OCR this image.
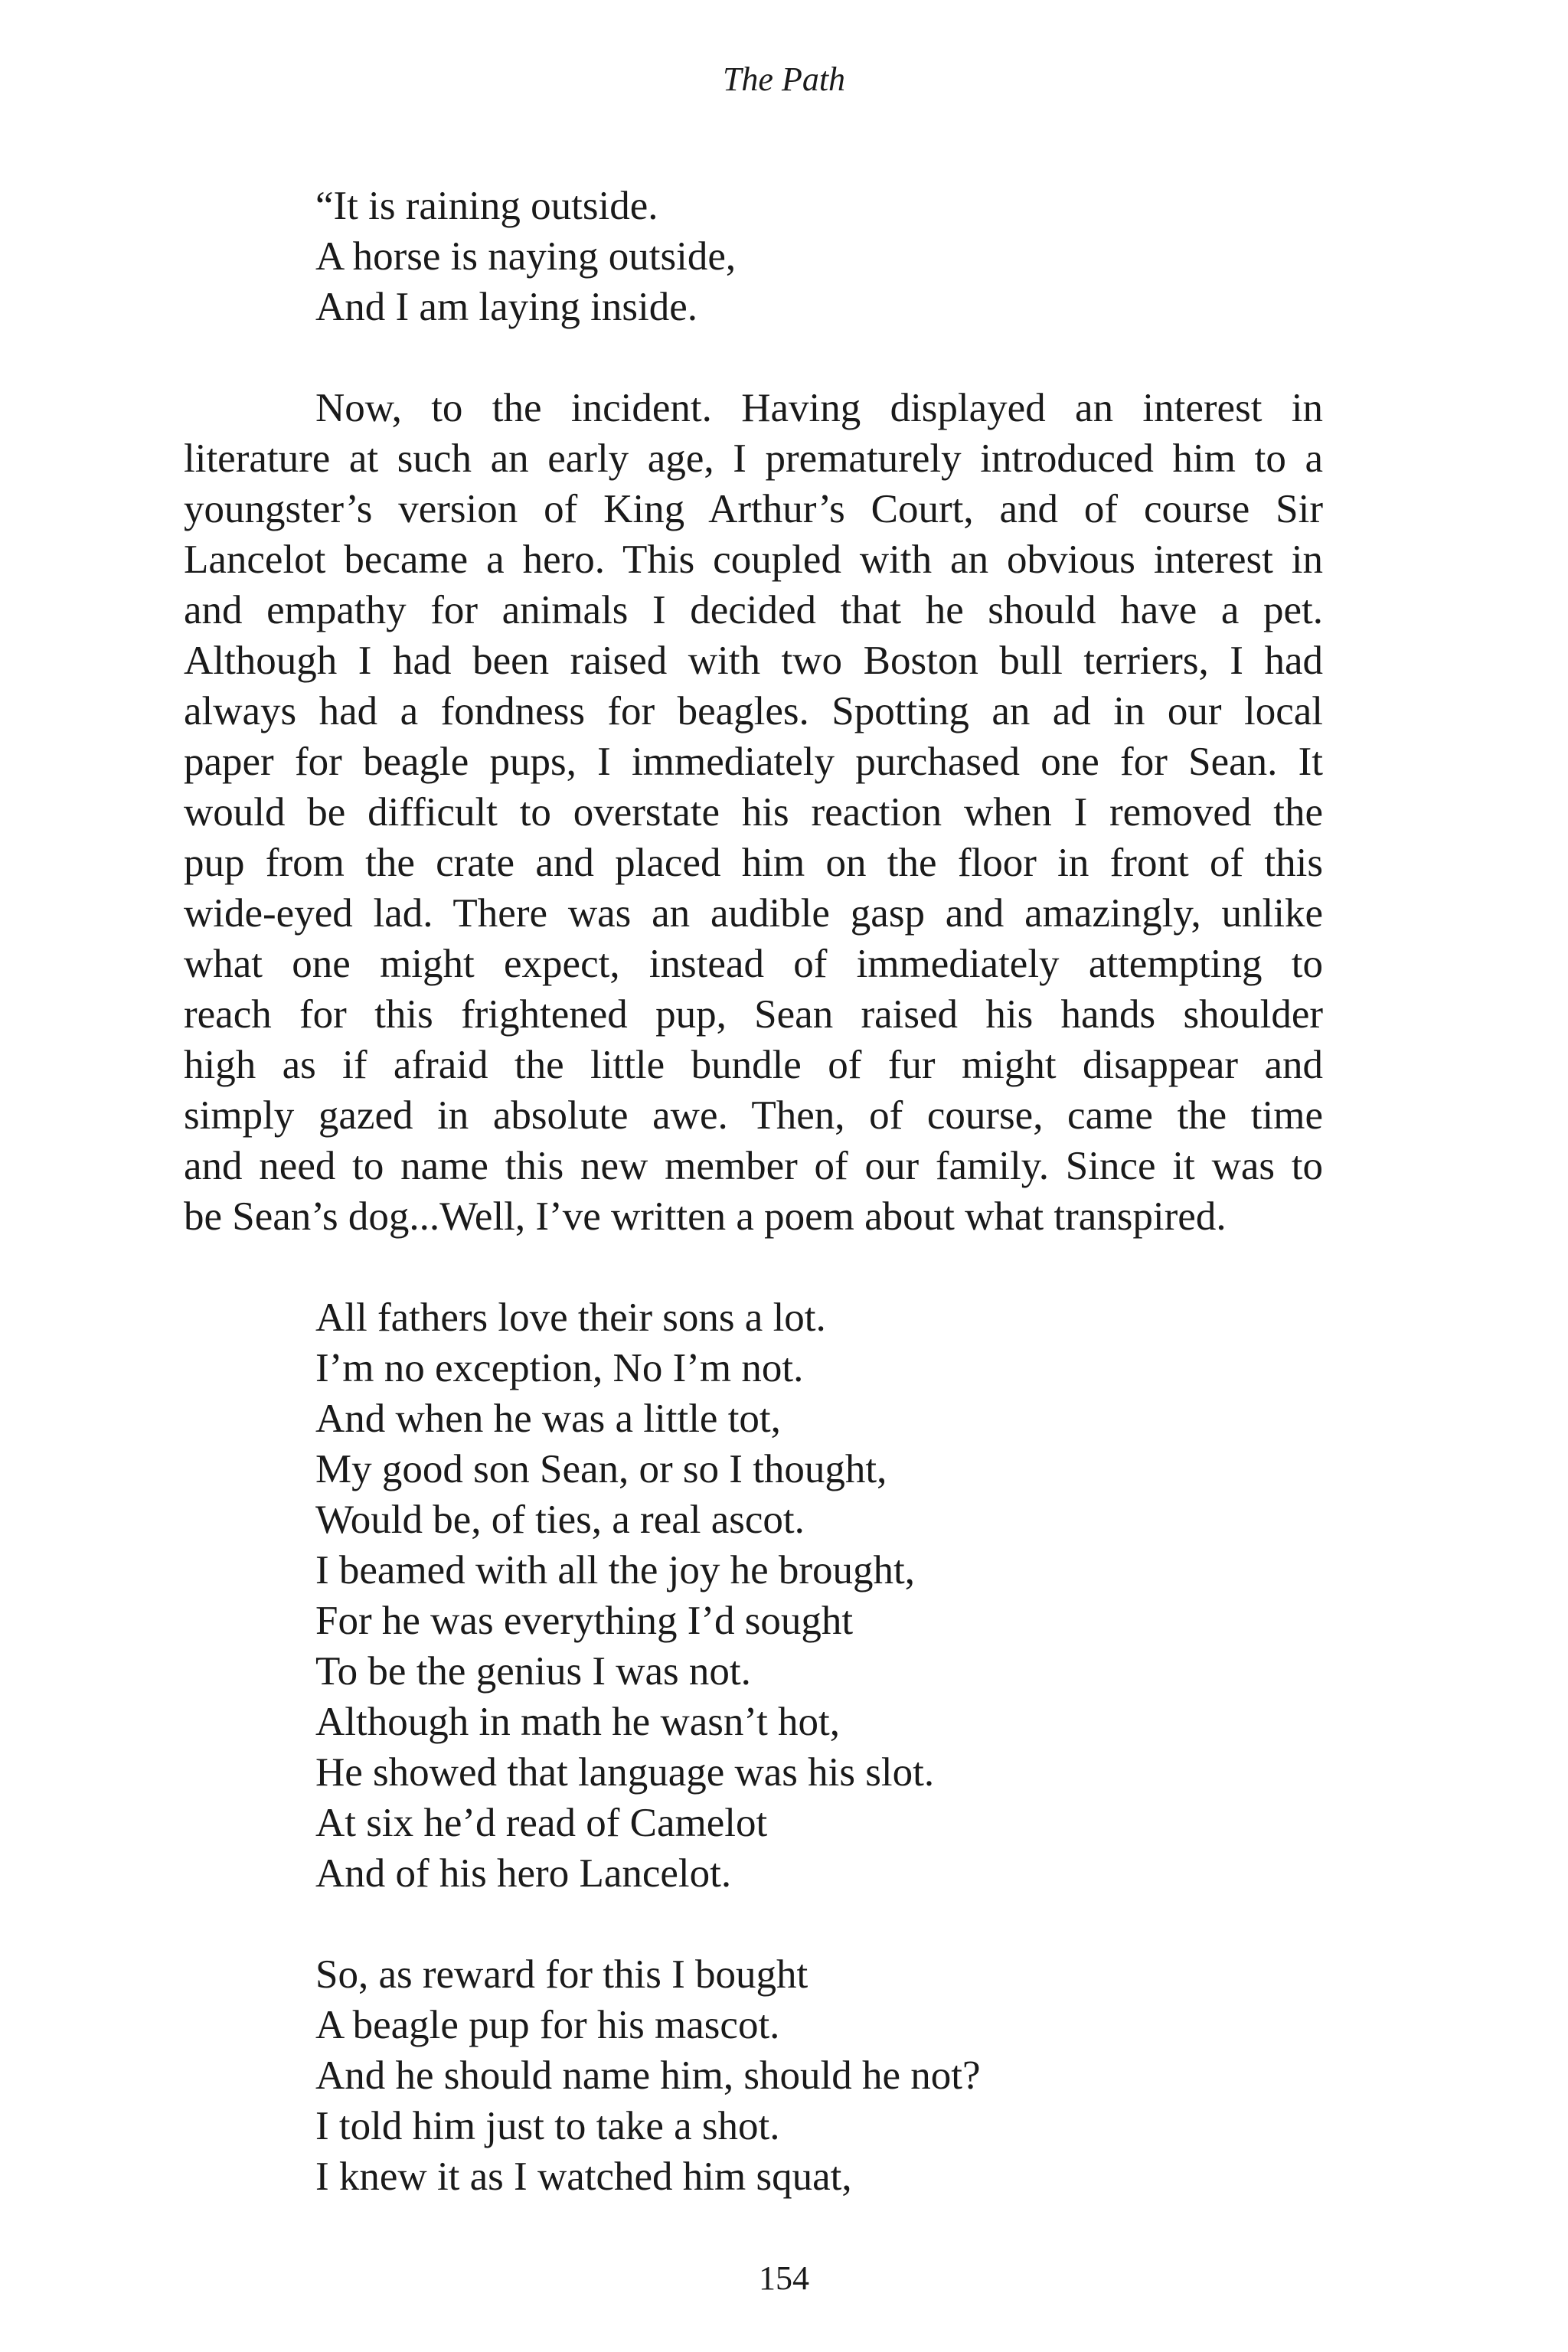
The Path
“It is raining outside.
A horse is naying outside,
And I am laying inside.
Now, to the incident. Having displayed an interest in
literature at such an early age, I prematurely introduced him to a
youngster’s version of King Arthur’s Court, and of course Sir
Lancelot became a hero. This coupled with an obvious interest in
and empathy for animals I decided that he should have a pet.
Although I had been raised with two Boston bull terriers, I had
always had a fondness for beagles. Spotting an ad in our local
paper for beagle pups, I immediately purchased one for Sean. It
would be difficult to overstate his reaction when I removed the
pup from the crate and placed him on the floor in front of this
wide-eyed lad. There was an audible gasp and amazingly, unlike
what one might expect, instead of immediately attempting to
reach for this frightened pup, Sean raised his hands shoulder
high as if afraid the little bundle of fur might disappear and
simply gazed in absolute awe. Then, of course, came the time
and need to name this new member of our family. Since it was to
be Sean’s dog...Well, I’ve written a poem about what transpired.
All fathers love their sons a lot.
I’m no exception, No I’m not.
And when he was a little tot,
My good son Sean, or so I thought,
Would be, of ties, a real ascot.
I beamed with all the joy he brought,
For he was everything I’d sought
To be the genius I was not.
Although in math he wasn’t hot,
He showed that language was his slot.
At six he’d read of Camelot
And of his hero Lancelot.
So, as reward for this I bought
A beagle pup for his mascot.
And he should name him, should he not?
I told him just to take a shot.
I knew it as I watched him squat,
154
